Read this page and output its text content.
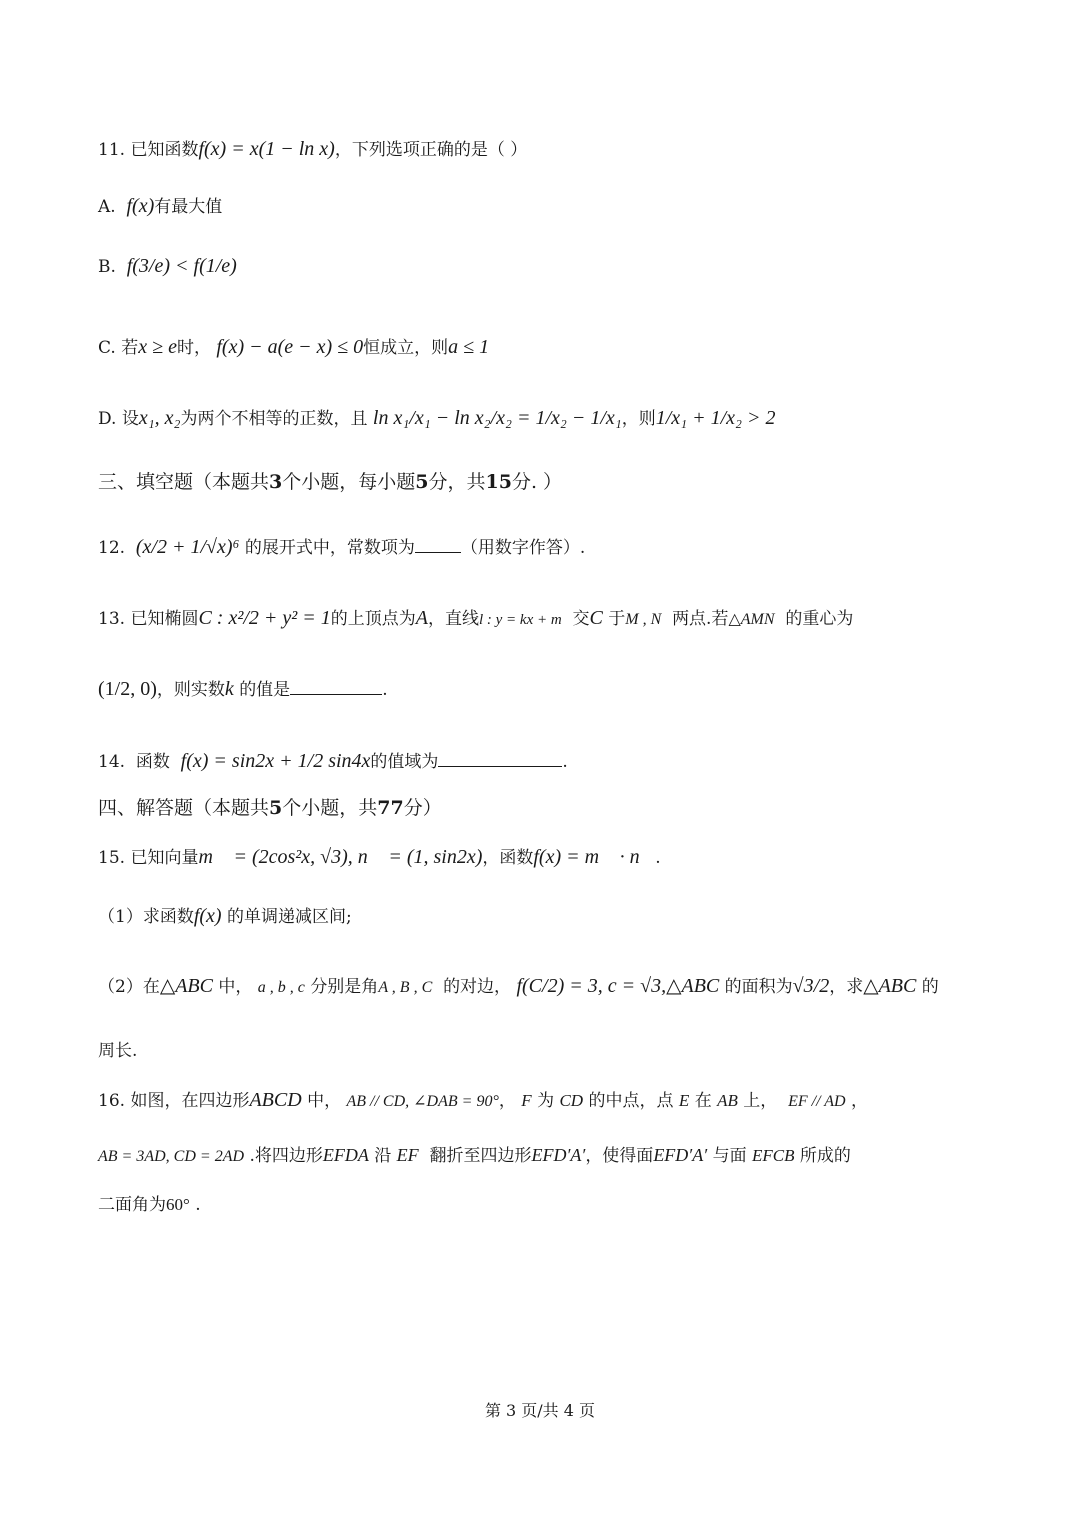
11. 已知函数f(x) = x(1 − ln x)，下列选项正确的是（ ）
A. f(x)有最大值
B. f(3/e) < f(1/e)
C. 若x ≥ e时， f(x) − a(e − x) ≤ 0恒成立，则a ≤ 1
D. 设x₁, x₂为两个不相等的正数，且 ln x₁/x₁ − ln x₂/x₂ = 1/x₂ − 1/x₁，则1/x₁ + 1/x₂ > 2
三、填空题（本题共3个小题，每小题5分，共15分. ）
12. (x/2 + 1/√x)⁶ 的展开式中，常数项为	（用数字作答）.
13. 已知椭圆C : x²/2 + y² = 1的上顶点为A，直线l : y = kx + m 交C 于M , N 两点.若△AMN 的重心为
(1/2, 0)，则实数k 的值是	.
14. 函数 f(x) = sin2x + 1/2 sin4x的值域为	.
四、解答题（本题共5个小题，共77分）
15. 已知向量m⃗ = (2cos²x, √3), n⃗ = (1, sin2x)，函数f(x) = m⃗ · n⃗.
（1）求函数f(x) 的单调递减区间;
（2）在△ABC 中， a , b , c 分别是角A , B , C 的对边， f(C/2) = 3, c = √3,△ABC 的面积为√3/2，求△ABC 的
周长.
16. 如图，在四边形ABCD 中， AB // CD, ∠DAB = 90°， F 为 CD 的中点，点 E 在 AB 上， EF // AD ，
AB = 3AD, CD = 2AD .将四边形EFDA 沿 EF 翻折至四边形EFD′A′，使得面EFD′A′ 与面 EFCB 所成的
二面角为60° .
第 3 页/共 4 页
